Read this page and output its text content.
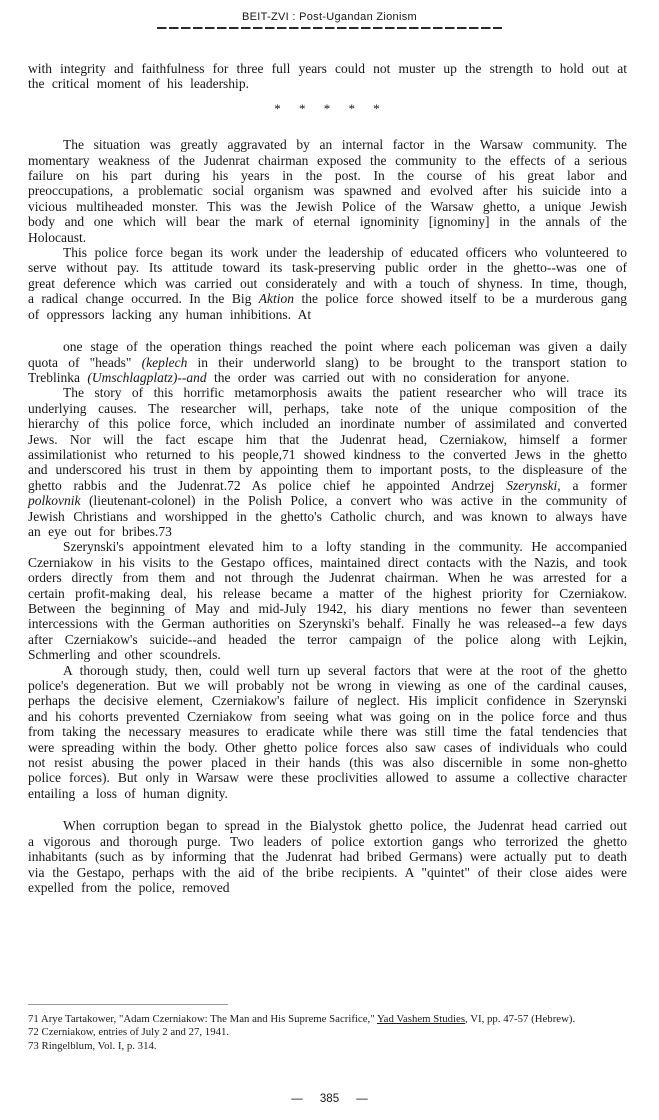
BEIT-ZVI : Post-Ugandan Zionism

with integrity and faithfulness for three full years could not muster up the strength to hold out at the critical moment of his leadership.

* * * * *

The situation was greatly aggravated by an internal factor in the Warsaw community. The momentary weakness of the Judenrat chairman exposed the community to the effects of a serious failure on his part during his years in the post. In the course of his great labor and preoccupations, a problematic social organism was spawned and evolved after his suicide into a vicious multiheaded monster. This was the Jewish Police of the Warsaw ghetto, a unique Jewish body and one which will bear the mark of eternal ignominity [ignominy] in the annals of the Holocaust.

This police force began its work under the leadership of educated officers who volunteered to serve without pay. Its attitude toward its task-preserving public order in the ghetto--was one of great deference which was carried out considerately and with a touch of shyness. In time, though, a radical change occurred. In the Big Aktion the police force showed itself to be a murderous gang of oppressors lacking any human inhibitions. At

one stage of the operation things reached the point where each policeman was given a daily quota of "heads" (keplech in their underworld slang) to be brought to the transport station to Treblinka (Umschlagplatz)--and the order was carried out with no consideration for anyone.

The story of this horrific metamorphosis awaits the patient researcher who will trace its underlying causes. The researcher will, perhaps, take note of the unique composition of the hierarchy of this police force, which included an inordinate number of assimilated and converted Jews. Nor will the fact escape him that the Judenrat head, Czerniakow, himself a former assimilationist who returned to his people,71 showed kindness to the converted Jews in the ghetto and underscored his trust in them by appointing them to important posts, to the displeasure of the ghetto rabbis and the Judenrat.72 As police chief he appointed Andrzej Szerynski, a former polkovnik (lieutenant-colonel) in the Polish Police, a convert who was active in the community of Jewish Christians and worshipped in the ghetto's Catholic church, and was known to always have an eye out for bribes.73

Szerynski's appointment elevated him to a lofty standing in the community. He accompanied Czerniakow in his visits to the Gestapo offices, maintained direct contacts with the Nazis, and took orders directly from them and not through the Judenrat chairman. When he was arrested for a certain profit-making deal, his release became a matter of the highest priority for Czerniakow. Between the beginning of May and mid-July 1942, his diary mentions no fewer than seventeen intercessions with the German authorities on Szerynski's behalf. Finally he was released--a few days after Czerniakow's suicide--and headed the terror campaign of the police along with Lejkin, Schmerling and other scoundrels.

A thorough study, then, could well turn up several factors that were at the root of the ghetto police's degeneration. But we will probably not be wrong in viewing as one of the cardinal causes, perhaps the decisive element, Czerniakow's failure of neglect. His implicit confidence in Szerynski and his cohorts prevented Czerniakow from seeing what was going on in the police force and thus from taking the necessary measures to eradicate while there was still time the fatal tendencies that were spreading within the body. Other ghetto police forces also saw cases of individuals who could not resist abusing the power placed in their hands (this was also discernible in some non-ghetto police forces). But only in Warsaw were these proclivities allowed to assume a collective character entailing a loss of human dignity.

When corruption began to spread in the Bialystok ghetto police, the Judenrat head carried out a vigorous and thorough purge. Two leaders of police extortion gangs who terrorized the ghetto inhabitants (such as by informing that the Judenrat had bribed Germans) were actually put to death via the Gestapo, perhaps with the aid of the bribe recipients. A "quintet" of their close aides were expelled from the police, removed

71 Arye Tartakower, "Adam Czerniakow: The Man and His Supreme Sacrifice," Yad Vashem Studies, VI, pp. 47-57 (Hebrew).

72 Czerniakow, entries of July 2 and 27, 1941.

73 Ringelblum, Vol. I, p. 314.

— 385 —
